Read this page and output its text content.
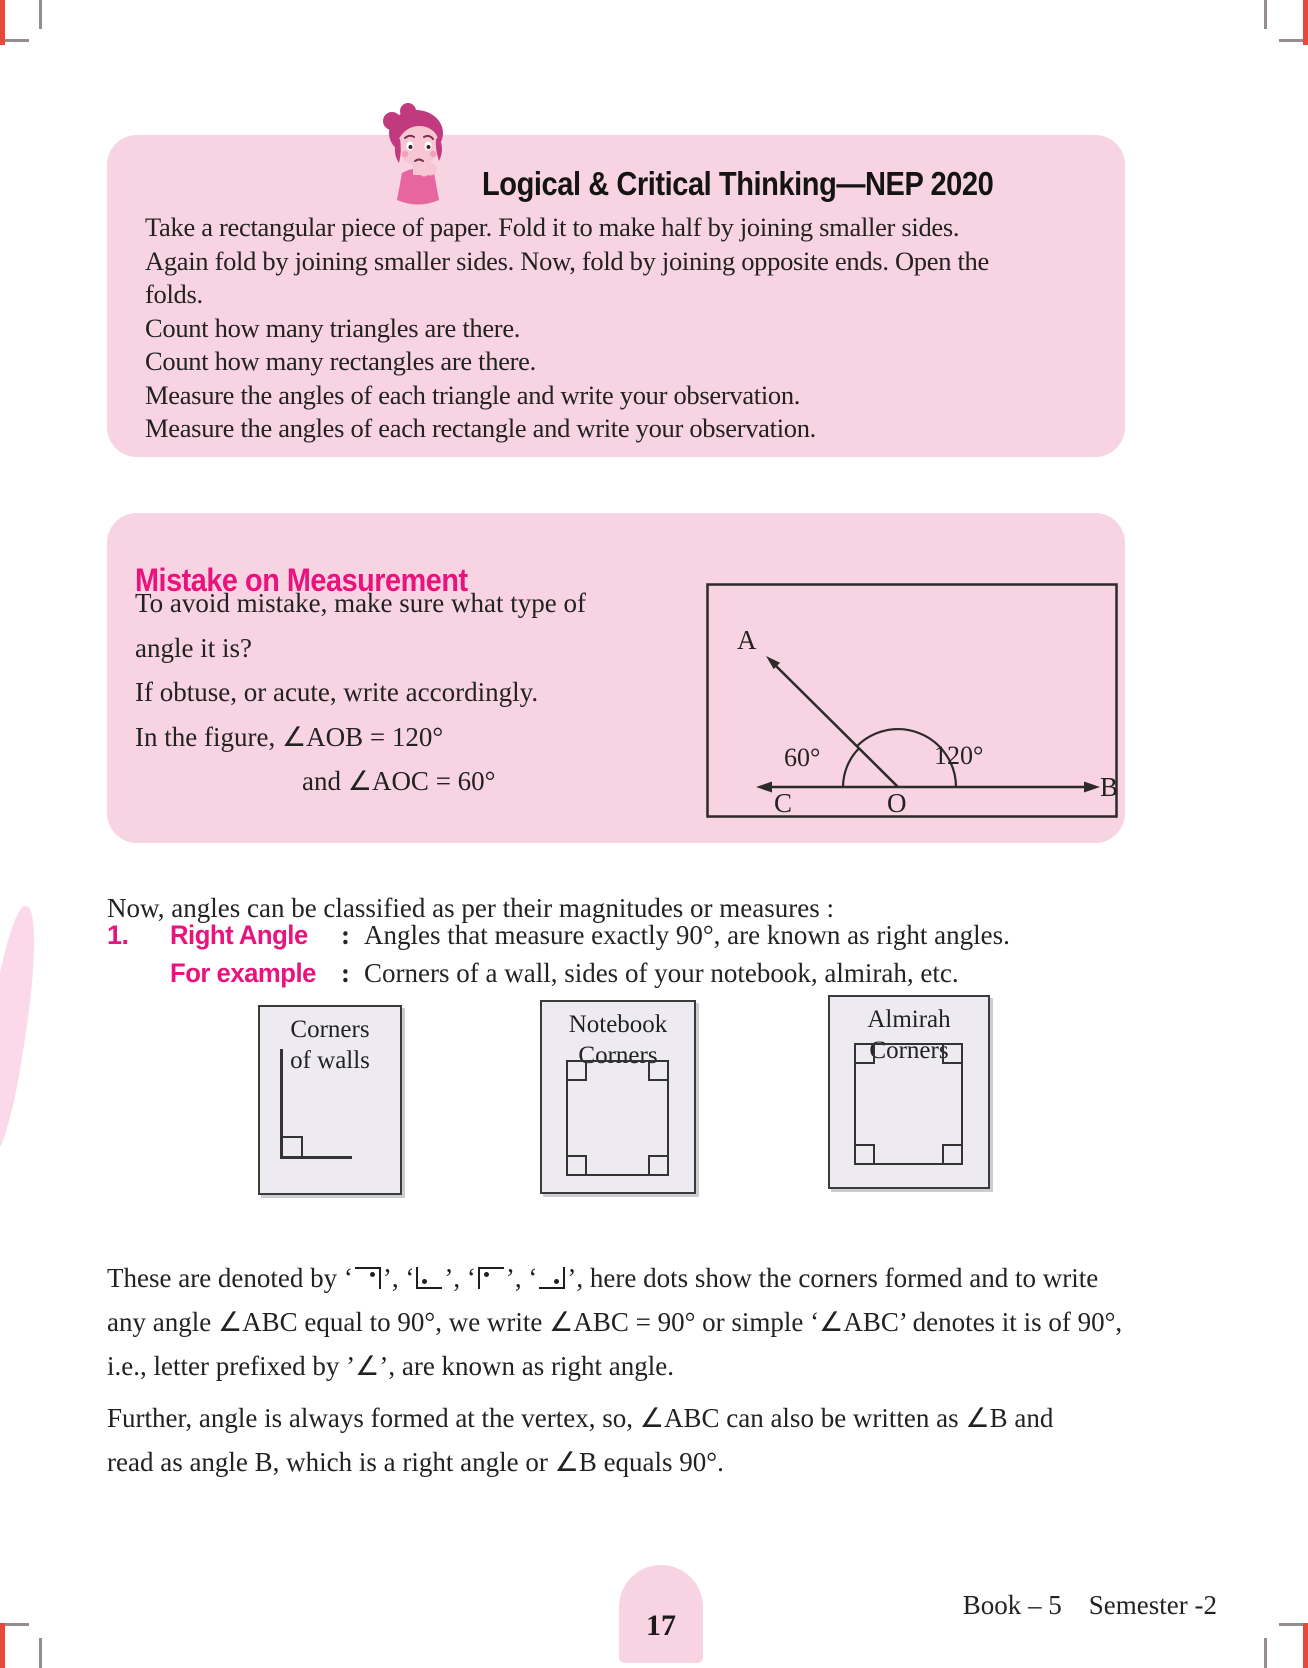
Logical & Critical Thinking—NEP 2020
Take a rectangular piece of paper. Fold it to make half by joining smaller sides.
Again fold by joining smaller sides. Now, fold by joining opposite ends. Open the
folds.
Count how many triangles are there.
Count how many rectangles are there.
Measure the angles of each triangle and write your observation.
Measure the angles of each rectangle and write your observation.
Mistake on Measurement
To avoid mistake, make sure what type of
angle it is?
If obtuse, or acute, write accordingly.
In the figure, ∠AOB = 120°
and ∠AOC = 60°
A
B
C	O
60°	120°

Now, angles can be classified as per their magnitudes or measures :

1. Right Angle : Angles that measure exactly 90°, are known as right angles.
For example : Corners of a wall, sides of your notebook, almirah, etc.
Corners
of walls
Notebook
Corners
Almirah
Corners
These are denoted by ‘ ’, ‘ ’, ‘ ’, ‘ ’, here dots show the corners formed and to write
any angle ∠ABC equal to 90°, we write ∠ABC = 90° or simple ‘∠ABC’ denotes it is of 90°,
i.e., letter prefixed by ’∠’, are known as right angle.
Further, angle is always formed at the vertex, so, ∠ABC can also be written as ∠B and
read as angle B, which is a right angle or ∠B equals 90°.
17
Book – 5    Semester -2
